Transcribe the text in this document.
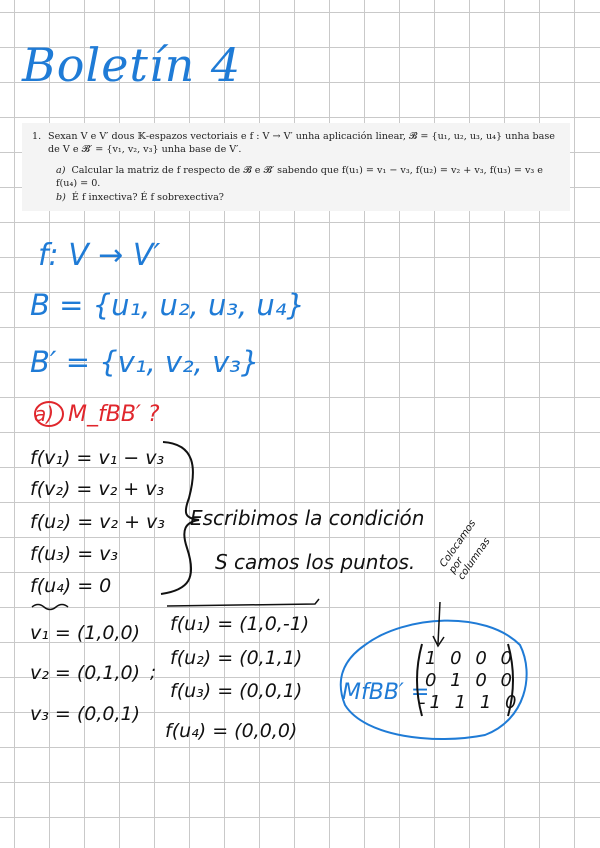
Boletín 4
1. Sexan V e V′ dous 𝕂-espazos vectoriais e f : V → V′ unha aplicación linear, 𝓑 = {u₁, u₂, u₃, u₄} unha base de V e 𝓑′ = {v₁, v₂, v₃} unha base de V′.
a) Calcular la matriz de f respecto de 𝓑 e 𝓑′ sabendo que f(u₁) = v₁ − v₃, f(u₂) = v₂ + v₃, f(u₃) = v₃ e f(u₄) = 0.
b) É f inxectiva? É f sobrexectiva?
f: V → V′
B = {u₁, u₂, u₃, u₄}
B′ = {v₁, v₂, v₃}
a) M_fBB′ ?
f(v₁) = v₁ − v₃
f(v₂) = v₂ + v₃
f(u₂) = v₂ + v₃
f(u₃) = v₃
f(u₄) = 0
Escribimos la condición
S camos los puntos.
v₁ = (1,0,0)
v₂ = (0,1,0)
v₃ = (0,0,1)
;
f(u₁) = (1,0,-1)
f(u₂) = (0,1,1)
f(u₃) = (0,0,1)
f(u₄) = (0,0,0)
MfBB′ =
1 0 0 0
0 1 0 0
-1 1 1 0
Colocamos por columnas
